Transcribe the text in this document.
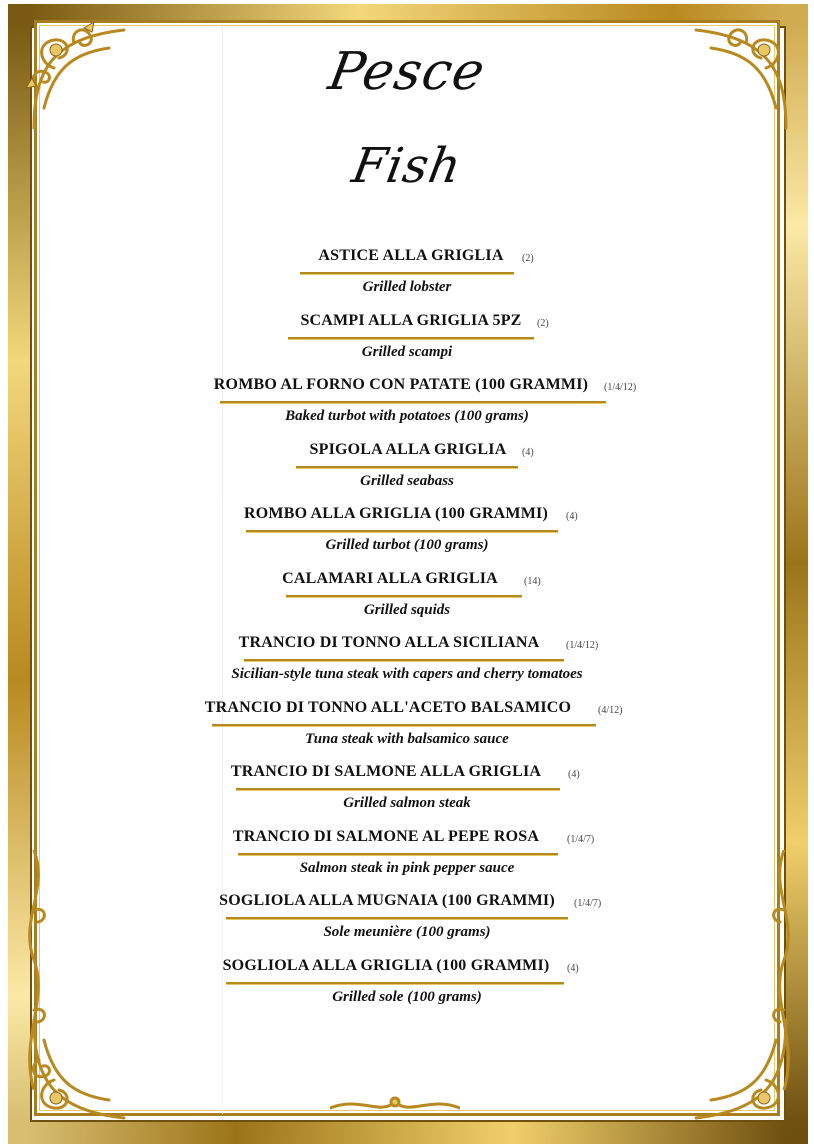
Pesce
Fish
ASTICE ALLA GRIGLIA (2)
Grilled lobster
SCAMPI ALLA GRIGLIA 5PZ (2)
Grilled scampi
ROMBO AL FORNO CON PATATE (100 GRAMMI) (1/4/12)
Baked turbot with potatoes (100 grams)
SPIGOLA ALLA GRIGLIA (4)
Grilled seabass
ROMBO ALLA GRIGLIA (100 GRAMMI) (4)
Grilled turbot (100 grams)
CALAMARI ALLA GRIGLIA	(14)
Grilled squids
TRANCIO DI TONNO ALLA SICILIANA	(1/4/12)
Sicilian-style tuna steak with capers and cherry tomatoes
TRANCIO DI TONNO ALL'ACETO BALSAMICO	(4/12)
Tuna steak with balsamico sauce
TRANCIO DI SALMONE ALLA GRIGLIA	(4)
Grilled salmon steak
TRANCIO DI SALMONE AL PEPE ROSA	(1/4/7)
Salmon steak in pink pepper sauce
SOGLIOLA ALLA MUGNAIA (100 GRAMMI) (1/4/7)
Sole meunière (100 grams)
SOGLIOLA ALLA GRIGLIA (100 GRAMMI) (4)
Grilled sole (100 grams)
